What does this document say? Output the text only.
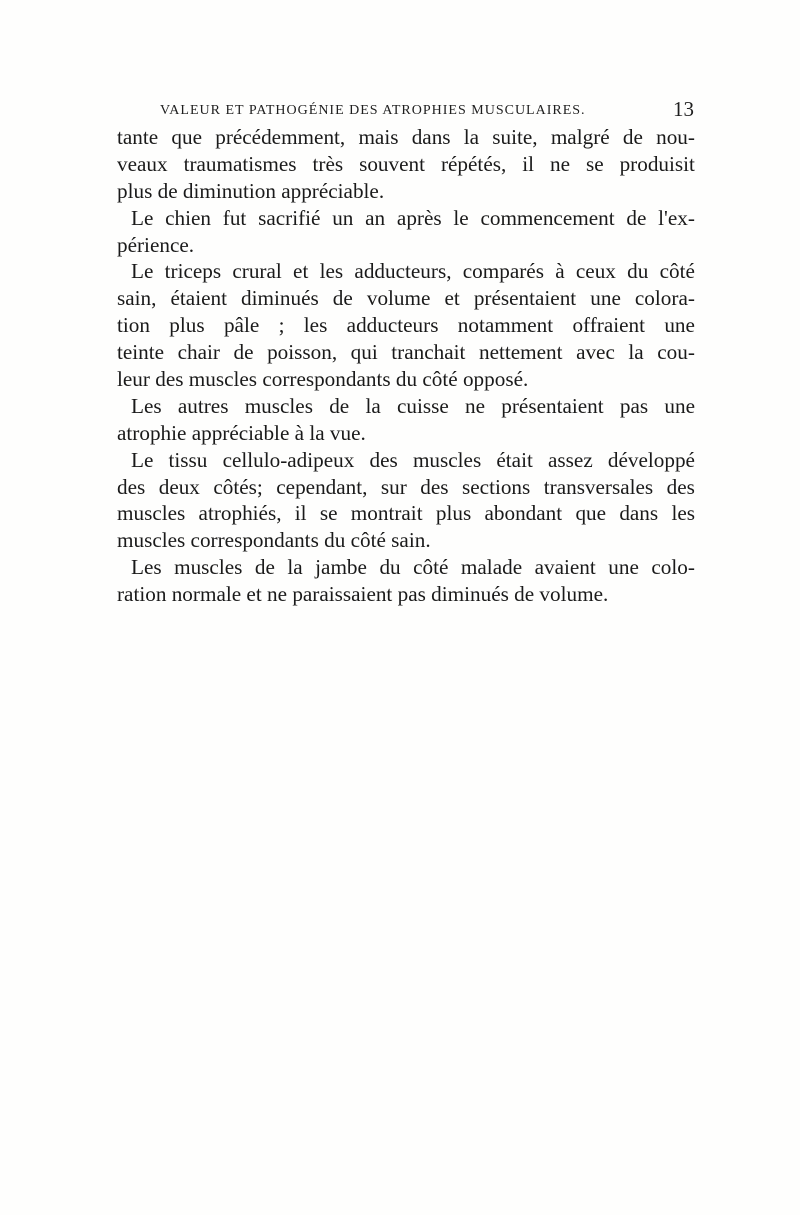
VALEUR ET PATHOGÉNIE DES ATROPHIES MUSCULAIRES.	13
tante que précédemment, mais dans la suite, malgré de nou-
veaux traumatismes très souvent répétés, il ne se produisit
plus de diminution appréciable.
Le chien fut sacrifié un an après le commencement de l'ex-
périence.
Le triceps crural et les adducteurs, comparés à ceux du côté
sain, étaient diminués de volume et présentaient une colora-
tion plus pâle ; les adducteurs notamment offraient une
teinte chair de poisson, qui tranchait nettement avec la cou-
leur des muscles correspondants du côté opposé.
Les autres muscles de la cuisse ne présentaient pas une
atrophie appréciable à la vue.
Le tissu cellulo-adipeux des muscles était assez développé
des deux côtés; cependant, sur des sections transversales des
muscles atrophiés, il se montrait plus abondant que dans les
muscles correspondants du côté sain.
Les muscles de la jambe du côté malade avaient une colo-
ration normale et ne paraissaient pas diminués de volume.
